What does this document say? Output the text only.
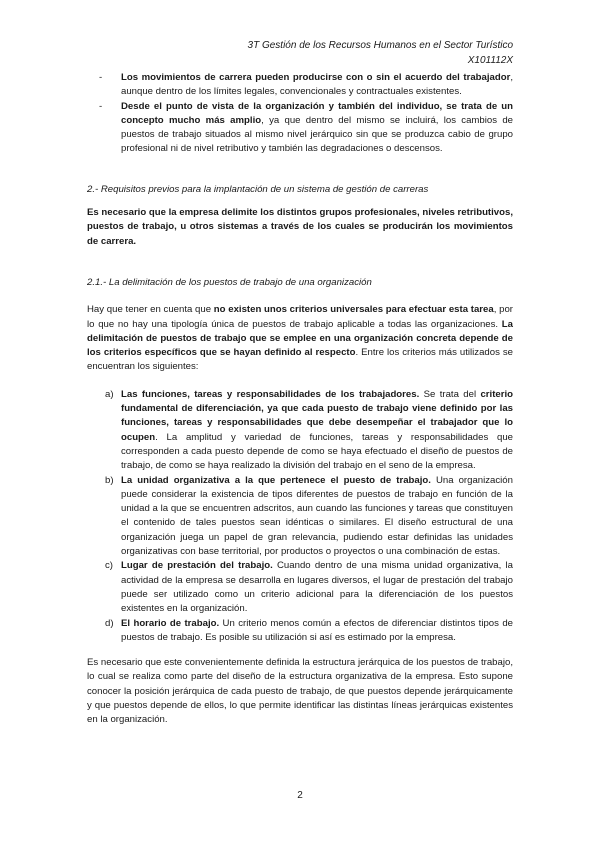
3T Gestión de los Recursos Humanos en el Sector Turístico
X101112X
- Los movimientos de carrera pueden producirse con o sin el acuerdo del trabajador, aunque dentro de los límites legales, convencionales y contractuales existentes.
- Desde el punto de vista de la organización y también del individuo, se trata de un concepto mucho más amplio, ya que dentro del mismo se incluirá, los cambios de puestos de trabajo situados al mismo nivel jerárquico sin que se produzca cabio de grupo profesional ni de nivel retributivo y también las degradaciones o descensos.
2.- Requisitos previos para la implantación de un sistema de gestión de carreras

Es necesario que la empresa delimite los distintos grupos profesionales, niveles retributivos, puestos de trabajo, u otros sistemas a través de los cuales se producirán los movimientos de carrera.

2.1.- La delimitación de los puestos de trabajo de una organización

Hay que tener en cuenta que no existen unos criterios universales para efectuar esta tarea, por lo que no hay una tipología única de puestos de trabajo aplicable a todas las organizaciones. La delimitación de puestos de trabajo que se emplee en una organización concreta depende de los criterios específicos que se hayan definido al respecto. Entre los criterios más utilizados se encuentran los siguientes:

a) Las funciones, tareas y responsabilidades de los trabajadores. Se trata del criterio fundamental de diferenciación, ya que cada puesto de trabajo viene definido por las funciones, tareas y responsabilidades que debe desempeñar el trabajador que lo ocupen. La amplitud y variedad de funciones, tareas y responsabilidades que corresponden a cada puesto depende de como se haya efectuado el diseño de puestos de trabajo, de como se haya realizado la división del trabajo en el seno de la empresa.
b) La unidad organizativa a la que pertenece el puesto de trabajo. Una organización puede considerar la existencia de tipos diferentes de puestos de trabajo en función de la unidad a la que se encuentren adscritos, aun cuando las funciones y tareas que constituyen el contenido de tales puestos sean idénticas o similares. El diseño estructural de una organización juega un papel de gran relevancia, pudiendo estar definidas las unidades organizativas con base territorial, por productos o proyectos o una combinación de estas.
c) Lugar de prestación del trabajo. Cuando dentro de una misma unidad organizativa, la actividad de la empresa se desarrolla en lugares diversos, el lugar de prestación del trabajo puede ser utilizado como un criterio adicional para la diferenciación de los puestos existentes en la organización.
d) El horario de trabajo. Un criterio menos común a efectos de diferenciar distintos tipos de puestos de trabajo. Es posible su utilización si así es estimado por la empresa.

Es necesario que este convenientemente definida la estructura jerárquica de los puestos de trabajo, lo cual se realiza como parte del diseño de la estructura organizativa de la empresa. Esto supone conocer la posición jerárquica de cada puesto de trabajo, de que puestos depende jerárquicamente y que puestos depende de ellos, lo que permite identificar las distintas líneas jerárquicas existentes en la organización.

2
